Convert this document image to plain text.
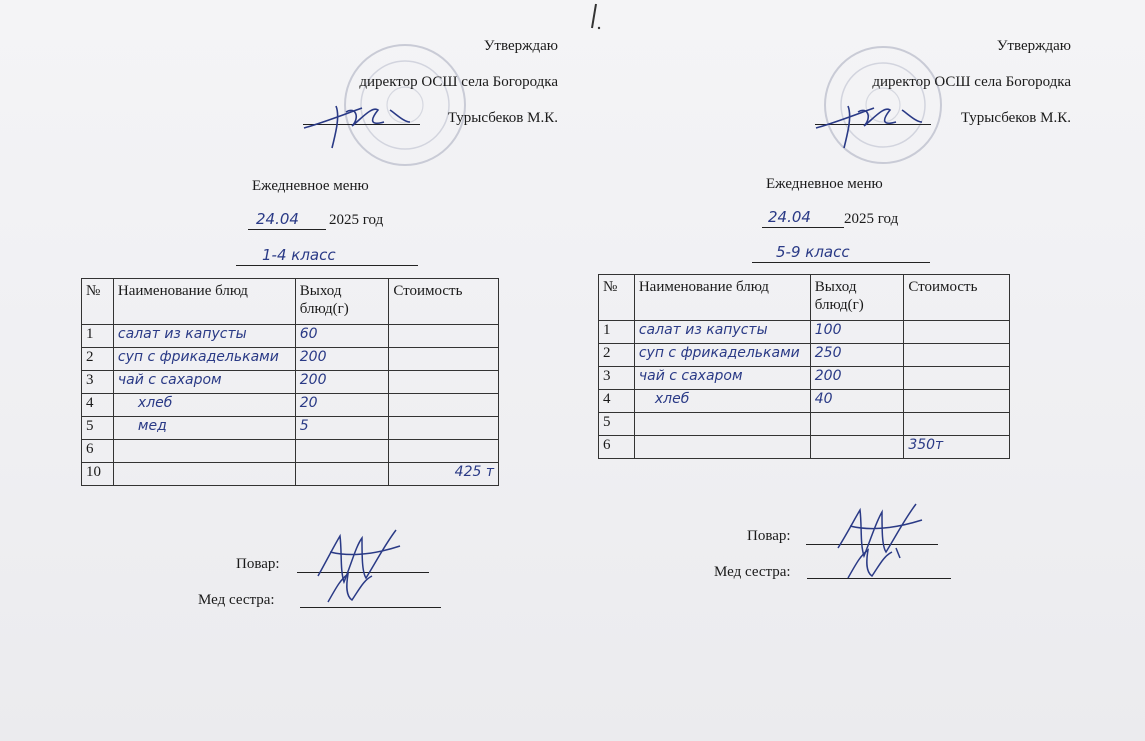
Утверждаю
директор ОСШ села Богородка
Турысбеков М.К.
Ежедневное меню
24.04 2025 год
1-4 класс
№	Наименование блюд	Выход блюд(г)	Стоимость
1	салат из капусты	60	
2	суп с фрикадельками	200	
3	чай с сахаром	200	
4	хлеб	20	
5	мед	5	
6			
10			425 т
Повар:
Мед сестра:
Утверждаю
директор ОСШ села Богородка
Турысбеков М.К.
Ежедневное меню
24.04 2025 год
5-9 класс
№	Наименование блюд	Выход блюд(г)	Стоимость
1	салат из капусты	100	
2	суп с фрикадельками	250	
3	чай с сахаром	200	
4	хлеб	40	
5			
6			350т
Повар:
Мед сестра:
